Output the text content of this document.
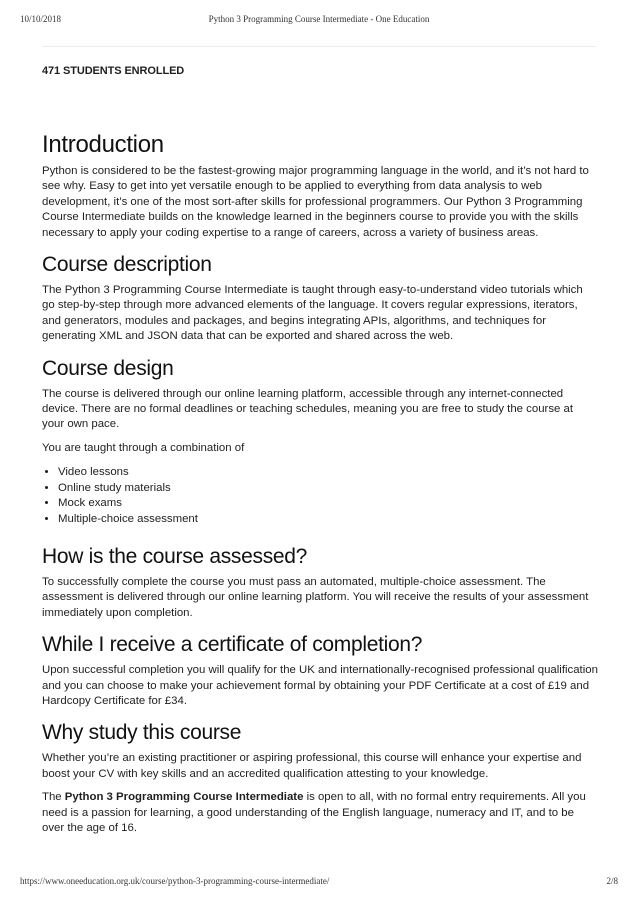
10/10/2018	Python 3 Programming Course Intermediate - One Education
471 STUDENTS ENROLLED
Introduction

Python is considered to be the fastest-growing major programming language in the world, and it’s not hard to see why. Easy to get into yet versatile enough to be applied to everything from data analysis to web development, it’s one of the most sort-after skills for professional programmers. Our Python 3 Programming Course Intermediate builds on the knowledge learned in the beginners course to provide you with the skills necessary to apply your coding expertise to a range of careers, across a variety of business areas.

Course description

The Python 3 Programming Course Intermediate is taught through easy-to-understand video tutorials which go step-by-step through more advanced elements of the language. It covers regular expressions, iterators, and generators, modules and packages, and begins integrating APIs, algorithms, and techniques for generating XML and JSON data that can be exported and shared across the web.

Course design

The course is delivered through our online learning platform, accessible through any internet-connected device. There are no formal deadlines or teaching schedules, meaning you are free to study the course at your own pace.

You are taught through a combination of

• Video lessons
• Online study materials
• Mock exams
• Multiple-choice assessment
How is the course assessed?

To successfully complete the course you must pass an automated, multiple-choice assessment. The assessment is delivered through our online learning platform. You will receive the results of your assessment immediately upon completion.

While I receive a certificate of completion?

Upon successful completion you will qualify for the UK and internationally-recognised professional qualification and you can choose to make your achievement formal by obtaining your PDF Certificate at a cost of £19 and Hardcopy Certificate for £34.

Why study this course

Whether you’re an existing practitioner or aspiring professional, this course will enhance your expertise and boost your CV with key skills and an accredited qualification attesting to your knowledge.

The Python 3 Programming Course Intermediate is open to all, with no formal entry requirements. All you need is a passion for learning, a good understanding of the English language, numeracy and IT, and to be over the age of 16.

https://www.oneeducation.org.uk/course/python-3-programming-course-intermediate/	2/8
